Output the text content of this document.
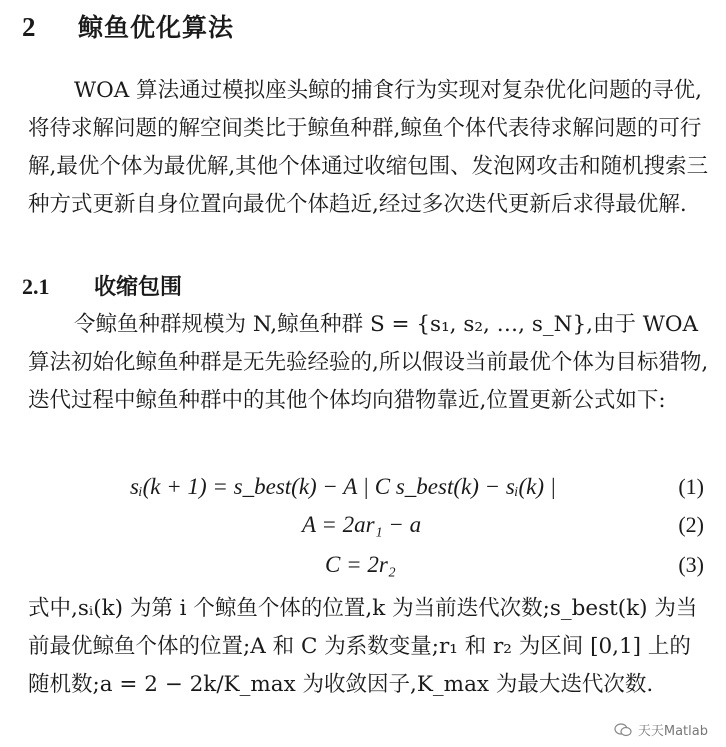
2 鲸鱼优化算法
WOA 算法通过模拟座头鲸的捕食行为实现对复杂优化问题的寻优,将待求解问题的解空间类比于鲸鱼种群,鲸鱼个体代表待求解问题的可行解,最优个体为最优解,其他个体通过收缩包围、发泡网攻击和随机搜索三种方式更新自身位置向最优个体趋近,经过多次迭代更新后求得最优解.
2.1 收缩包围
令鲸鱼种群规模为 N,鲸鱼种群 S = {s₁, s₂, …, s_N},由于 WOA 算法初始化鲸鱼种群是无先验经验的,所以假设当前最优个体为目标猎物,迭代过程中鲸鱼种群中的其他个体均向猎物靠近,位置更新公式如下:
sᵢ(k + 1) = s_best(k) − A | C s_best(k) − sᵢ(k) |	(1)
A = 2ar₁ − a	(2)
C = 2r₂	(3)
式中,sᵢ(k) 为第 i 个鲸鱼个体的位置,k 为当前迭代次数;s_best(k) 为当前最优鲸鱼个体的位置;A 和 C 为系数变量;r₁ 和 r₂ 为区间 [0,1] 上的随机数;a = 2 − 2k/K_max 为收敛因子,K_max 为最大迭代次数.
天天Matlab
